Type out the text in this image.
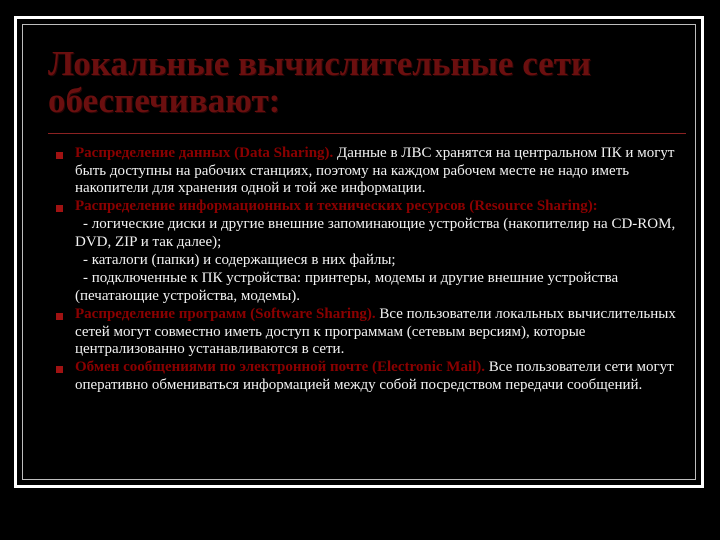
Локальные вычислительные сети обеспечивают:
Распределение данных (Data Sharing). Данные в ЛВС хранятся на центральном ПК и могут быть доступны на рабочих станциях, поэтому на каждом рабочем месте не надо иметь накопители для хранения одной и той же информации.
Распределение информационных и технических ресурсов (Resource Sharing):
- логические диски и другие внешние запоминающие устройства (накопителир на CD-ROM, DVD, ZIP и так далее);
- каталоги (папки) и содержащиеся в них файлы;
- подключенные к ПК устройства: принтеры, модемы и другие внешние устройства (печатающие устройства, модемы).
Распределение программ (Software Sharing). Все пользователи локальных вычислительных сетей могут совместно иметь доступ к программам (сетевым версиям), которые централизованно устанавливаются в сети.
Обмен сообщениями по электронной почте (Electronic Mail). Все пользователи сети могут оперативно обмениваться информацией между собой посредством передачи сообщений.
